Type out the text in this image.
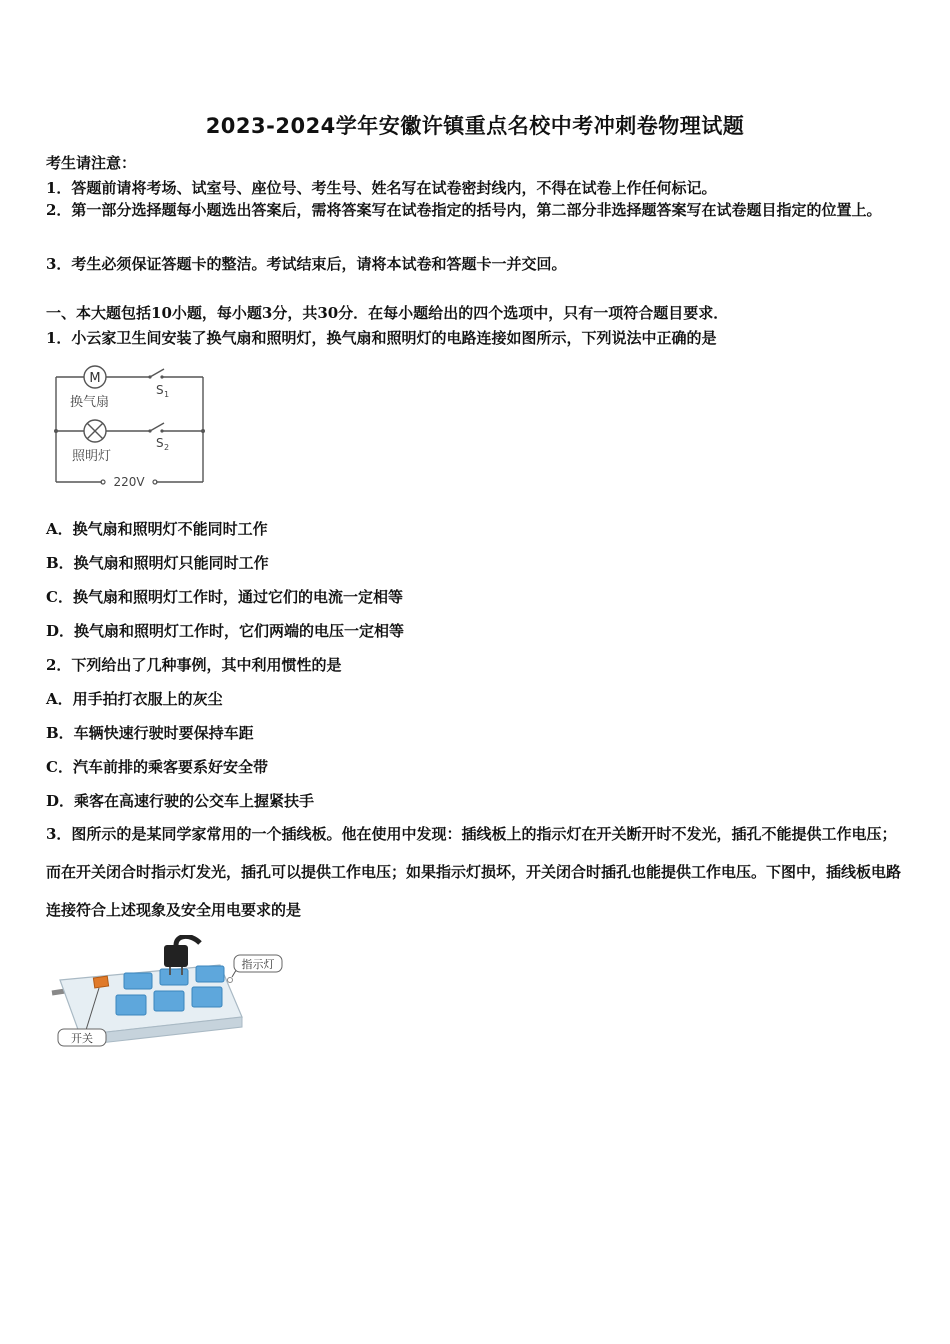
2023-2024学年安徽许镇重点名校中考冲刺卷物理试题
考生请注意：
1．答题前请将考场、试室号、座位号、考生号、姓名写在试卷密封线内，不得在试卷上作任何标记。
2．第一部分选择题每小题选出答案后，需将答案写在试卷指定的括号内，第二部分非选择题答案写在试卷题目指定的位置上。
3．考生必须保证答题卡的整洁。考试结束后，请将本试卷和答题卡一并交回。
一、本大题包括10小题，每小题3分，共30分．在每小题给出的四个选项中，只有一项符合题目要求．
1．小云家卫生间安装了换气扇和照明灯，换气扇和照明灯的电路连接如图所示，下列说法中正确的是
M
换气扇
照明灯
S 1
S 2
220V
A．换气扇和照明灯不能同时工作
B．换气扇和照明灯只能同时工作
C．换气扇和照明灯工作时，通过它们的电流一定相等
D．换气扇和照明灯工作时，它们两端的电压一定相等
2．下列给出了几种事例，其中利用惯性的是
A．用手拍打衣服上的灰尘
B．车辆快速行驶时要保持车距
C．汽车前排的乘客要系好安全带
D．乘客在高速行驶的公交车上握紧扶手
3．图所示的是某同学家常用的一个插线板。他在使用中发现：插线板上的指示灯在开关断开时不发光，插孔不能提供工作电压；而在开关闭合时指示灯发光，插孔可以提供工作电压；如果指示灯损坏，开关闭合时插孔也能提供工作电压。下图中，插线板电路连接符合上述现象及安全用电要求的是
指示灯
开关
